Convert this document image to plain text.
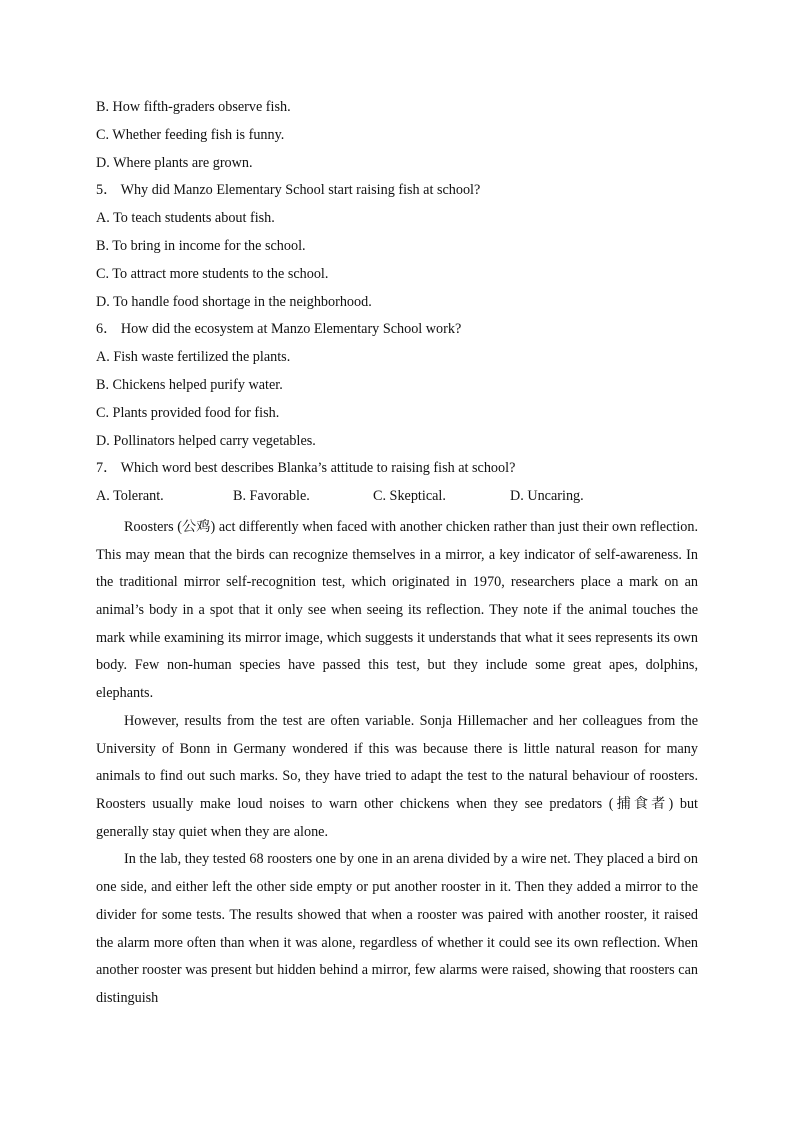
B. How fifth-graders observe fish.
C. Whether feeding fish is funny.
D. Where plants are grown.
5． Why did Manzo Elementary School start raising fish at school?
A. To teach students about fish.
B. To bring in income for the school.
C. To attract more students to the school.
D. To handle food shortage in the neighborhood.
6． How did the ecosystem at Manzo Elementary School work?
A. Fish waste fertilized the plants.
B. Chickens helped purify water.
C. Plants provided food for fish.
D. Pollinators helped carry vegetables.
7． Which word best describes Blanka’s attitude to raising fish at school?
A. Tolerant.	B. Favorable.	C. Skeptical.	D. Uncaring.

Roosters (公鸡) act differently when faced with another chicken rather than just their own reflection. This may mean that the birds can recognize themselves in a mirror, a key indicator of self-awareness. In the traditional mirror self-recognition test, which originated in 1970, researchers place a mark on an animal’s body in a spot that it only see when seeing its reflection. They note if the animal touches the mark while examining its mirror image, which suggests it understands that what it sees represents its own body. Few non-human species have passed this test, but they include some great apes, dolphins, elephants.

However, results from the test are often variable. Sonja Hillemacher and her colleagues from the University of Bonn in Germany wondered if this was because there is little natural reason for many animals to find out such marks. So, they have tried to adapt the test to the natural behaviour of roosters. Roosters usually make loud noises to warn other chickens when they see predators (捕食者) but generally stay quiet when they are alone.

In the lab, they tested 68 roosters one by one in an arena divided by a wire net. They placed a bird on one side, and either left the other side empty or put another rooster in it. Then they added a mirror to the divider for some tests. The results showed that when a rooster was paired with another rooster, it raised the alarm more often than when it was alone, regardless of whether it could see its own reflection. When another rooster was present but hidden behind a mirror, few alarms were raised, showing that roosters can distinguish
